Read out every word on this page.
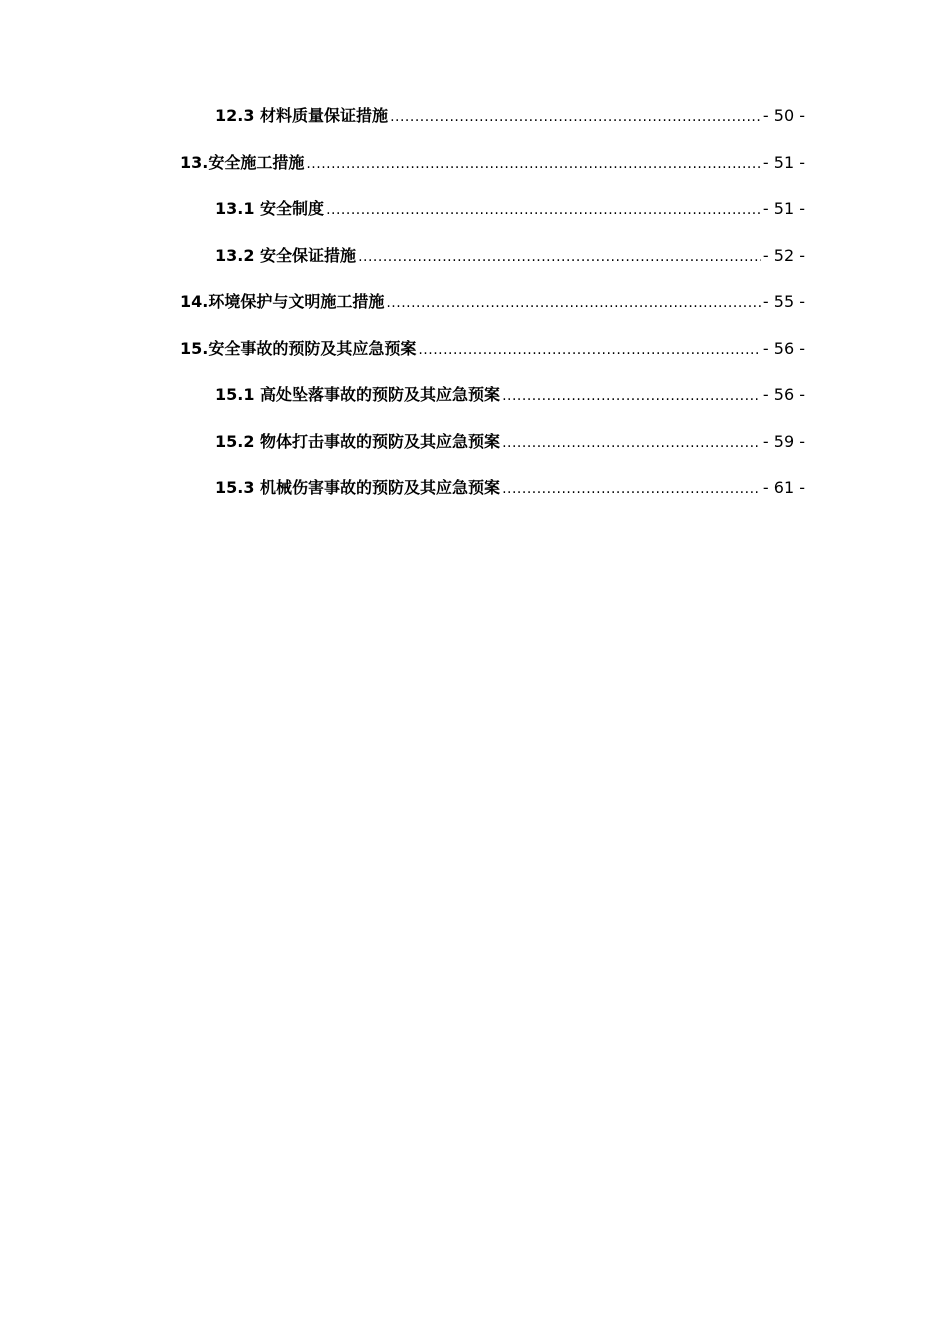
12.3 材料质量保证措施 .....	- 50 -
13.安全施工措施 .....	- 51 -
13.1 安全制度 .....	- 51 -
13.2 安全保证措施 .....	- 52 -
14.环境保护与文明施工措施 .....	- 55 -
15.安全事故的预防及其应急预案 .....	- 56 -
15.1 高处坠落事故的预防及其应急预案 .....	- 56 -
15.2 物体打击事故的预防及其应急预案 .....	- 59 -
15.3 机械伤害事故的预防及其应急预案 .....	- 61 -
